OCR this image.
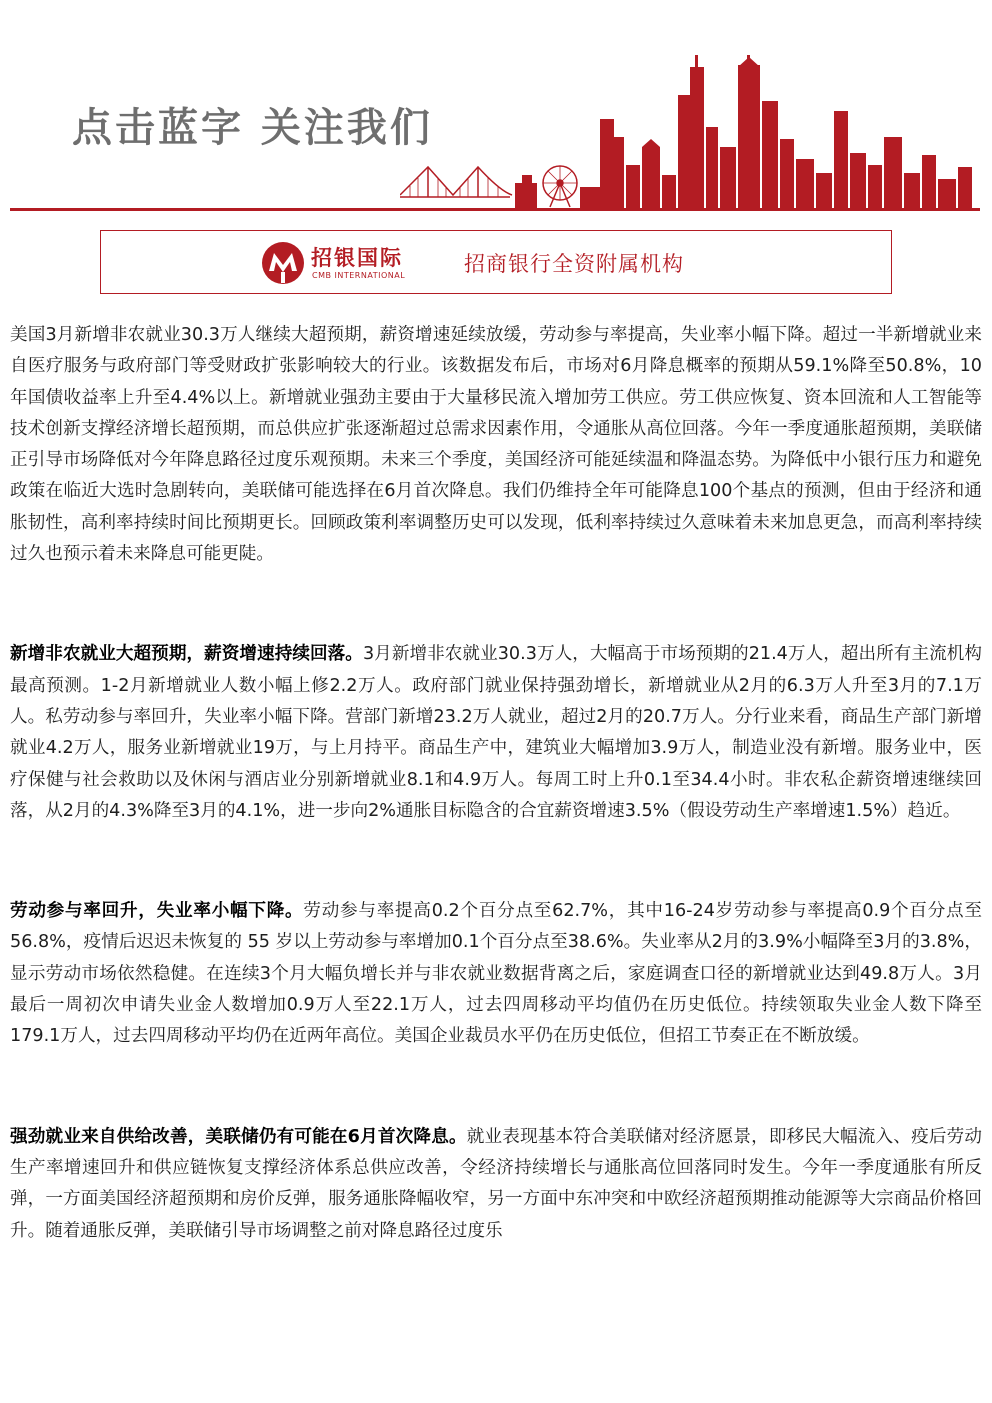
点击蓝字 关注我们
招银国际
CMB INTERNATIONAL	招商银行全资附属机构

美国3月新增非农就业30.3万人继续大超预期，薪资增速延续放缓，劳动参与率提高，失业率小幅下降。超过一半新增就业来自医疗服务与政府部门等受财政扩张影响较大的行业。该数据发布后，市场对6月降息概率的预期从59.1%降至50.8%，10年国债收益率上升至4.4%以上。新增就业强劲主要由于大量移民流入增加劳工供应。劳工供应恢复、资本回流和人工智能等技术创新支撑经济增长超预期，而总供应扩张逐渐超过总需求因素作用，令通胀从高位回落。今年一季度通胀超预期，美联储正引导市场降低对今年降息路径过度乐观预期。未来三个季度，美国经济可能延续温和降温态势。为降低中小银行压力和避免政策在临近大选时急剧转向，美联储可能选择在6月首次降息。我们仍维持全年可能降息100个基点的预测，但由于经济和通胀韧性，高利率持续时间比预期更长。回顾政策利率调整历史可以发现，低利率持续过久意味着未来加息更急，而高利率持续过久也预示着未来降息可能更陡。

新增非农就业大超预期，薪资增速持续回落。3月新增非农就业30.3万人，大幅高于市场预期的21.4万人，超出所有主流机构最高预测。1-2月新增就业人数小幅上修2.2万人。政府部门就业保持强劲增长，新增就业从2月的6.3万人升至3月的7.1万人。私劳动参与率回升，失业率小幅下降。营部门新增23.2万人就业，超过2月的20.7万人。分行业来看，商品生产部门新增就业4.2万人，服务业新增就业19万，与上月持平。商品生产中，建筑业大幅增加3.9万人，制造业没有新增。服务业中，医疗保健与社会救助以及休闲与酒店业分别新增就业8.1和4.9万人。每周工时上升0.1至34.4小时。非农私企薪资增速继续回落，从2月的4.3%降至3月的4.1%，进一步向2%通胀目标隐含的合宜薪资增速3.5%（假设劳动生产率增速1.5%）趋近。

劳动参与率回升，失业率小幅下降。劳动参与率提高0.2个百分点至62.7%，其中16-24岁劳动参与率提高0.9个百分点至56.8%，疫情后迟迟未恢复的 55 岁以上劳动参与率增加0.1个百分点至38.6%。失业率从2月的3.9%小幅降至3月的3.8%，显示劳动市场依然稳健。在连续3个月大幅负增长并与非农就业数据背离之后，家庭调查口径的新增就业达到49.8万人。3月最后一周初次申请失业金人数增加0.9万人至22.1万人，过去四周移动平均值仍在历史低位。持续领取失业金人数下降至179.1万人，过去四周移动平均仍在近两年高位。美国企业裁员水平仍在历史低位，但招工节奏正在不断放缓。

强劲就业来自供给改善，美联储仍有可能在6月首次降息。就业表现基本符合美联储对经济愿景，即移民大幅流入、疫后劳动生产率增速回升和供应链恢复支撑经济体系总供应改善，令经济持续增长与通胀高位回落同时发生。今年一季度通胀有所反弹，一方面美国经济超预期和房价反弹，服务通胀降幅收窄，另一方面中东冲突和中欧经济超预期推动能源等大宗商品价格回升。随着通胀反弹，美联储引导市场调整之前对降息路径过度乐
